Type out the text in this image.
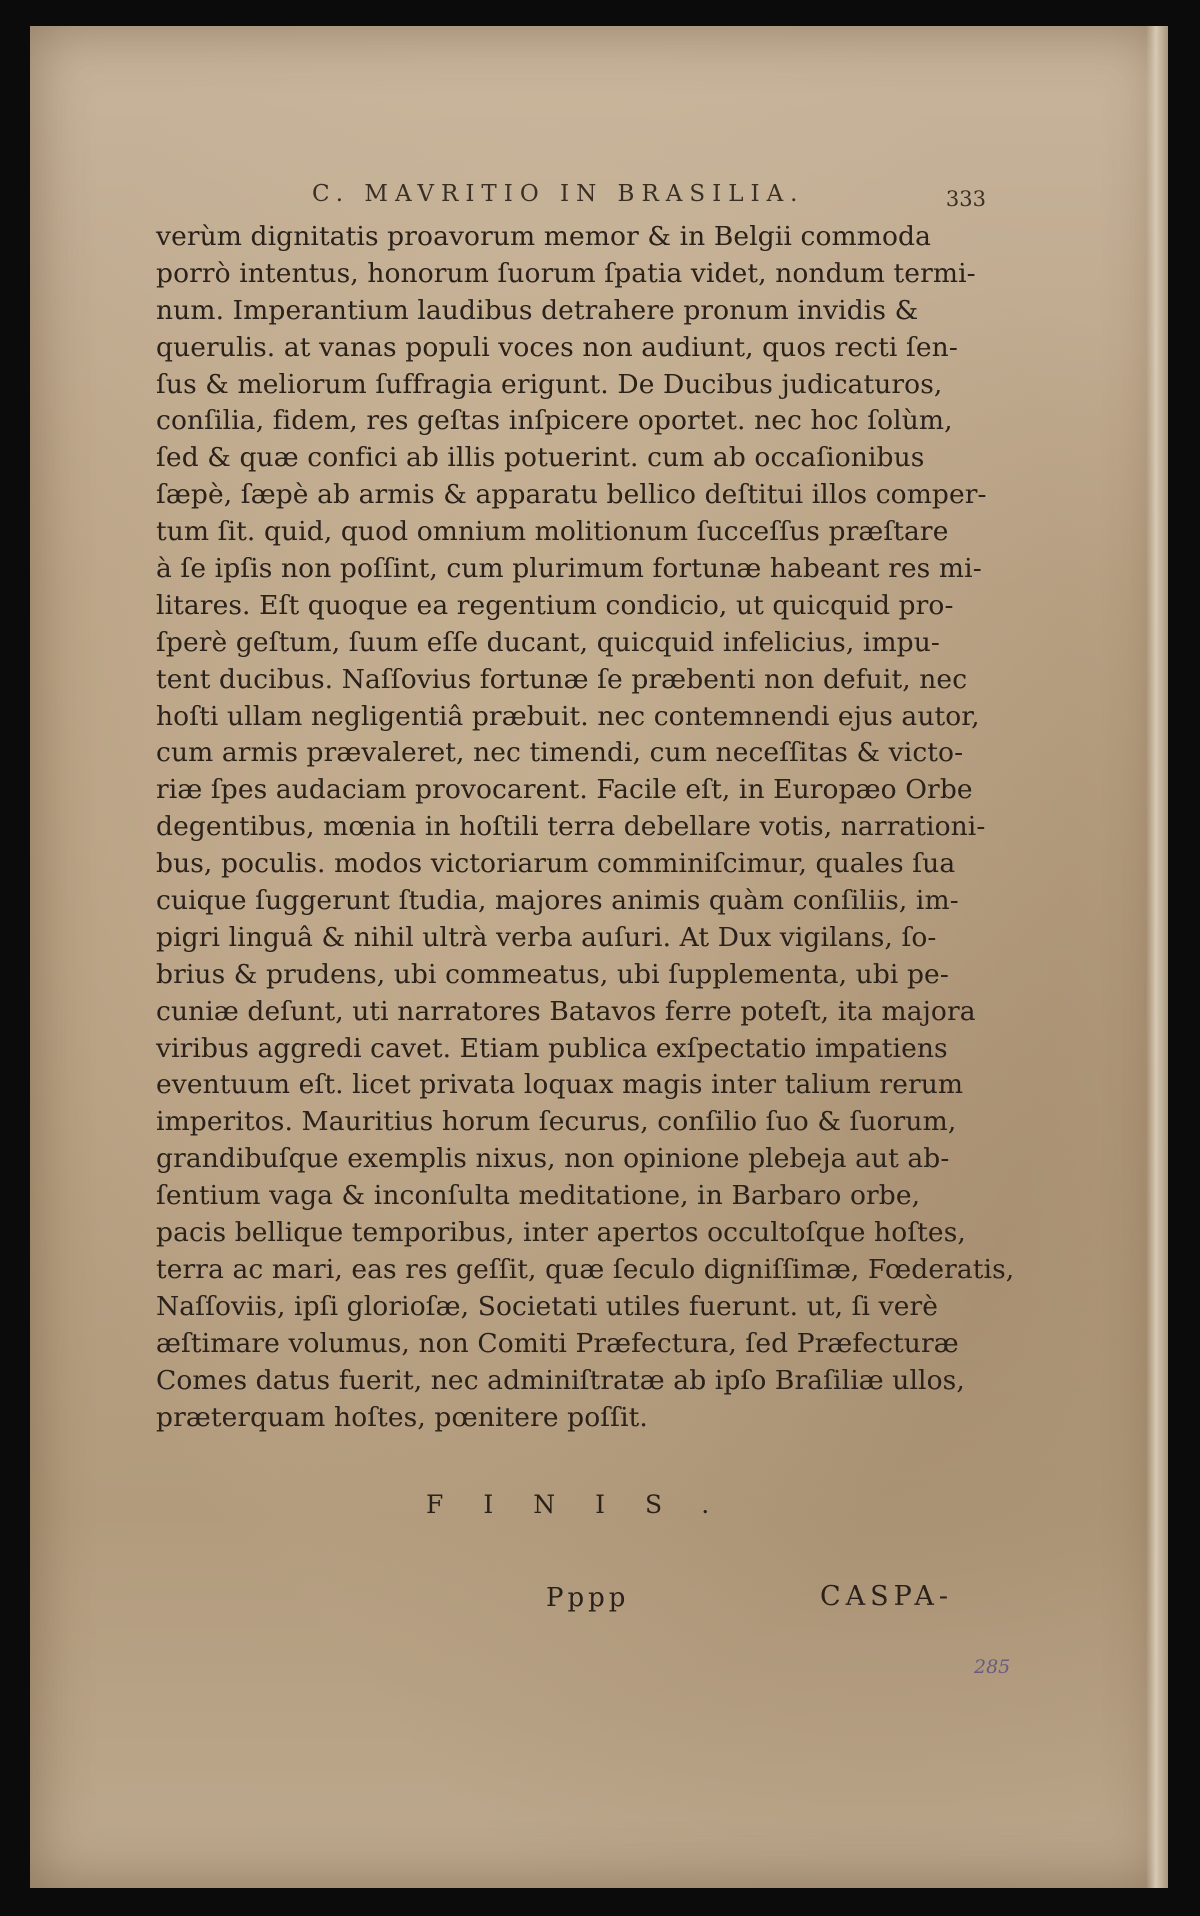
C. MAVRITIO IN BRASILIA.	333
verùm dignitatis proavorum memor & in Belgii commoda
porrò intentus, honorum ſuorum ſpatia videt, nondum termi-
num. Imperantium laudibus detrahere pronum invidis &
querulis. at vanas populi voces non audiunt, quos recti ſen-
ſus & meliorum ſuffragia erigunt. De Ducibus judicaturos,
conſilia, fidem, res geſtas inſpicere oportet. nec hoc ſolùm,
ſed & quæ confici ab illis potuerint. cum ab occaſionibus
ſæpè, ſæpè ab armis & apparatu bellico deſtitui illos comper-
tum ſit. quid, quod omnium molitionum ſucceſſus præſtare
à ſe ipſis non poſſint, cum plurimum fortunæ habeant res mi-
litares. Eſt quoque ea regentium condicio, ut quicquid pro-
ſperè geſtum, ſuum eſſe ducant, quicquid infelicius, impu-
tent ducibus. Naſſovius fortunæ ſe præbenti non defuit, nec
hoſti ullam negligentiâ præbuit. nec contemnendi ejus autor,
cum armis prævaleret, nec timendi, cum neceſſitas & victo-
riæ ſpes audaciam provocarent. Facile eſt, in Europæo Orbe
degentibus, mœnia in hoſtili terra debellare votis, narrationi-
bus, poculis. modos victoriarum comminiſcimur, quales ſua
cuique ſuggerunt ſtudia, majores animis quàm conſiliis, im-
pigri linguâ & nihil ultrà verba auſuri. At Dux vigilans, ſo-
brius & prudens, ubi commeatus, ubi ſupplementa, ubi pe-
cuniæ deſunt, uti narratores Batavos ferre poteſt, ita majora
viribus aggredi cavet. Etiam publica exſpectatio impatiens
eventuum eſt. licet privata loquax magis inter talium rerum
imperitos. Mauritius horum ſecurus, conſilio ſuo & ſuorum,
grandibuſque exemplis nixus, non opinione plebeja aut ab-
ſentium vaga & inconſulta meditatione, in Barbaro orbe,
pacis bellique temporibus, inter apertos occultoſque hoſtes,
terra ac mari, eas res geſſit, quæ ſeculo digniſſimæ, Fœderatis,
Naſſoviis, ipſi glorioſæ, Societati utiles fuerunt. ut, ſi verè
æſtimare volumus, non Comiti Præfectura, ſed Præfecturæ
Comes datus fuerit, nec adminiſtratæ ab ipſo Braſiliæ ullos,
præterquam hoſtes, pœnitere poſſit.
FINIS.
Pppp	CASPA-
285
